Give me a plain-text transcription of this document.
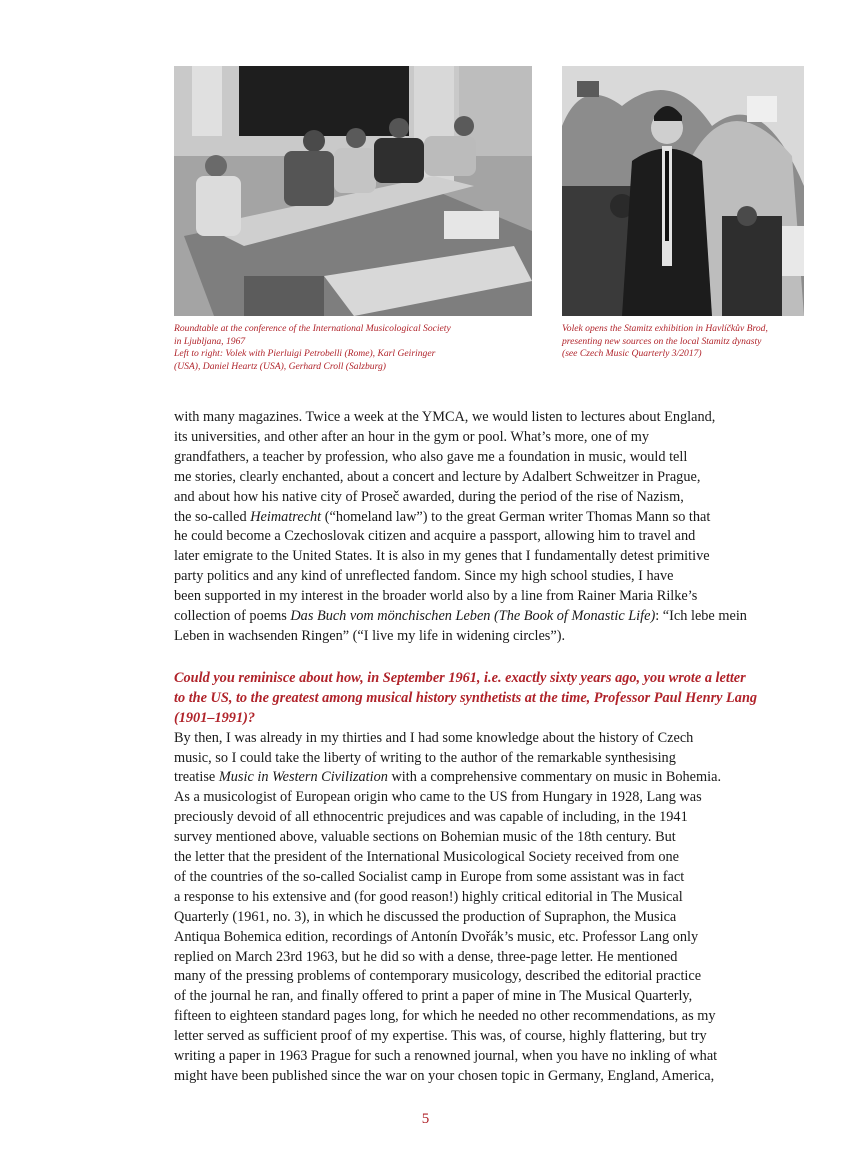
Roundtable at the conference of the International Musicological Society
in Ljubljana, 1967
Left to right: Volek with Pierluigi Petrobelli (Rome), Karl Geiringer
(USA), Daniel Heartz (USA), Gerhard Croll (Salzburg)
Volek opens the Stamitz exhibition in Havlíčkův Brod,
presenting new sources on the local Stamitz dynasty
(see Czech Music Quarterly 3/2017)
with many magazines. Twice a week at the YMCA, we would listen to lectures about England,
its universities, and other after an hour in the gym or pool. What’s more, one of my
grandfathers, a teacher by profession, who also gave me a foundation in music, would tell
me stories, clearly enchanted, about a concert and lecture by Adalbert Schweitzer in Prague,
and about how his native city of Proseč awarded, during the period of the rise of Nazism,
the so-called Heimatrecht (“homeland law”) to the great German writer Thomas Mann so that
he could become a Czechoslovak citizen and acquire a passport, allowing him to travel and
later emigrate to the United States. It is also in my genes that I fundamentally detest primitive
party politics and any kind of unreflected fandom. Since my high school studies, I have
been supported in my interest in the broader world also by a line from Rainer Maria Rilke’s
collection of poems Das Buch vom mönchischen Leben (The Book of Monastic Life): “Ich lebe mein
Leben in wachsenden Ringen” (“I live my life in widening circles”).
Could you reminisce about how, in September 1961, i.e. exactly sixty years ago, you wrote a letter
to the US, to the greatest among musical history synthetists at the time, Professor Paul Henry Lang
(1901–1991)?
By then, I was already in my thirties and I had some knowledge about the history of Czech
music, so I could take the liberty of writing to the author of the remarkable synthesising
treatise Music in Western Civilization with a comprehensive commentary on music in Bohemia.
As a musicologist of European origin who came to the US from Hungary in 1928, Lang was
preciously devoid of all ethnocentric prejudices and was capable of including, in the 1941
survey mentioned above, valuable sections on Bohemian music of the 18th century. But
the letter that the president of the International Musicological Society received from one
of the countries of the so-called Socialist camp in Europe from some assistant was in fact
a response to his extensive and (for good reason!) highly critical editorial in The Musical
Quarterly (1961, no. 3), in which he discussed the production of Supraphon, the Musica
Antiqua Bohemica edition, recordings of Antonín Dvořák’s music, etc. Professor Lang only
replied on March 23rd 1963, but he did so with a dense, three-page letter. He mentioned
many of the pressing problems of contemporary musicology, described the editorial practice
of the journal he ran, and finally offered to print a paper of mine in The Musical Quarterly,
fifteen to eighteen standard pages long, for which he needed no other recommendations, as my
letter served as sufficient proof of my expertise. This was, of course, highly flattering, but try
writing a paper in 1963 Prague for such a renowned journal, when you have no inkling of what
might have been published since the war on your chosen topic in Germany, England, America,
5
